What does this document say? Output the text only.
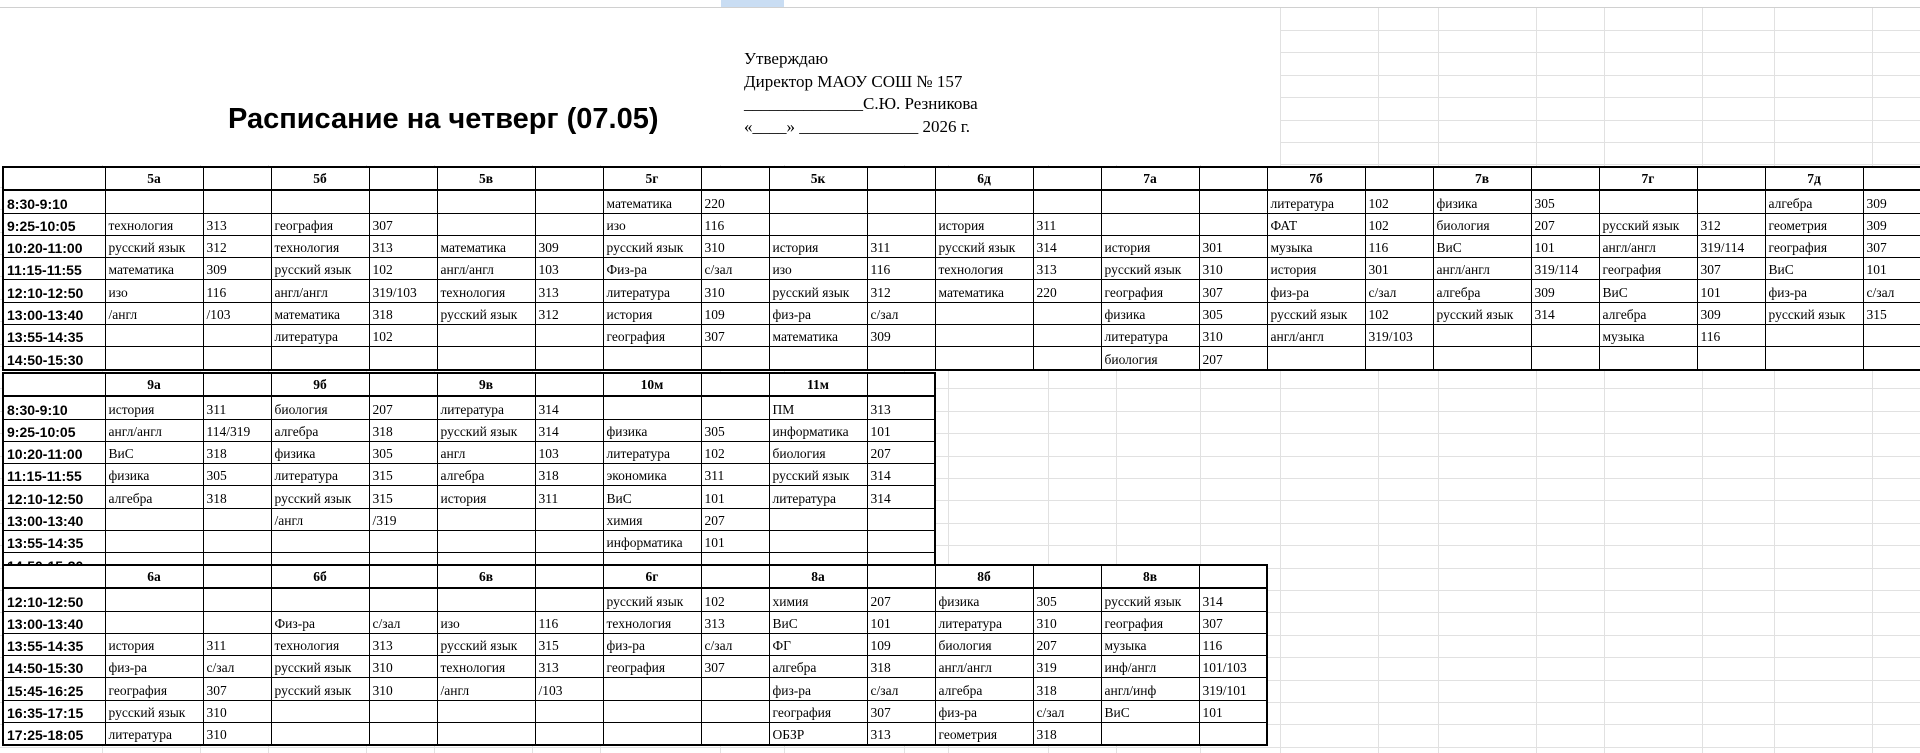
Утверждаю
Директор МАОУ СОШ № 157
______________С.Ю. Резникова
«____» ______________ 2026 г.
Расписание на четверг (07.05)
	5а		5б		5в		5г		5к		6д		7а		7б		7в		7г		7д	
8:30-9:10							математика	220							литература	102	физика	305			алгебра	309
9:25-10:05	технология	313	география	307			изо	116			история	311			ФАТ	102	биология	207	русский язык	312	геометрия	309
10:20-11:00	русский язык	312	технология	313	математика	309	русский язык	310	история	311	русский язык	314	история	301	музыка	116	ВиС	101	англ/англ	319/114	география	307
11:15-11:55	математика	309	русский язык	102	англ/англ	103	Физ-ра	с/зал	изо	116	технология	313	русский язык	310	история	301	англ/англ	319/114	география	307	ВиС	101
12:10-12:50	изо	116	англ/англ	319/103	технология	313	литература	310	русский язык	312	математика	220	география	307	физ-ра	с/зал	алгебра	309	ВиС	101	физ-ра	с/зал
13:00-13:40	/англ	/103	математика	318	русский язык	312	история	109	физ-ра	с/зал			физика	305	русский язык	102	русский язык	314	алгебра	309	русский язык	315
13:55-14:35			литература	102			география	307	математика	309			литература	310	англ/англ	319/103			музыка	116		
14:50-15:30													биология	207								
	9а		9б		9в		10м		11м	
8:30-9:10	история	311	биология	207	литература	314			ПМ	313
9:25-10:05	англ/англ	114/319	алгебра	318	русский язык	314	физика	305	информатика	101
10:20-11:00	ВиС	318	физика	305	англ	103	литература	102	биология	207
11:15-11:55	физика	305	литература	315	алгебра	318	экономика	311	русский язык	314
12:10-12:50	алгебра	318	русский язык	315	история	311	ВиС	101	литература	314
13:00-13:40			/англ	/319			химия	207		
13:55-14:35							информатика	101		

	6а		6б		6в		6г		8а		8б		8в	
12:10-12:50							русский язык	102	химия	207	физика	305	русский язык	314
13:00-13:40			Физ-ра	с/зал	изо	116	технология	313	ВиС	101	литература	310	география	307
13:55-14:35	история	311	технология	313	русский язык	315	физ-ра	с/зал	ФГ	109	биология	207	музыка	116
14:50-15:30	физ-ра	с/зал	русский язык	310	технология	313	география	307	алгебра	318	англ/англ	319	инф/англ	101/103
15:45-16:25	география	307	русский язык	310	/англ	/103			физ-ра	с/зал	алгебра	318	англ/инф	319/101
16:35-17:15	русский язык	310							география	307	физ-ра	с/зал	ВиС	101
17:25-18:05	литература	310							ОБЗР	313	геометрия	318		
